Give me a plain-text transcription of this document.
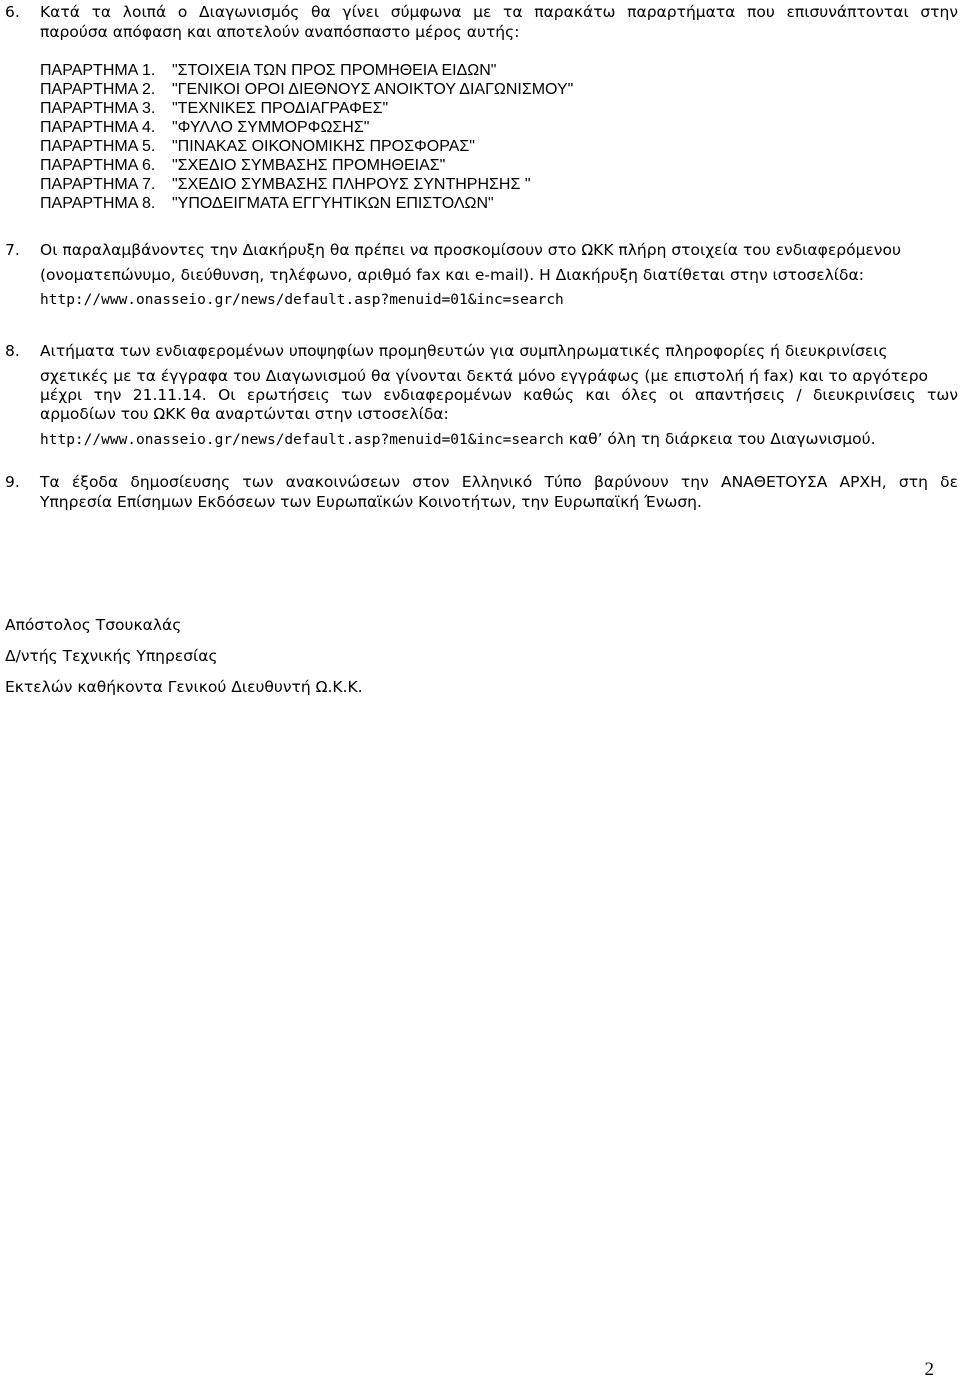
6. Κατά τα λοιπά ο Διαγωνισμός θα γίνει σύμφωνα με τα παρακάτω παραρτήματα που επισυνάπτονται στην
παρούσα απόφαση και αποτελούν αναπόσπαστο μέρος αυτής:
ΠΑΡΑΡΤΗΜΑ 1. "ΣΤΟΙΧΕΙΑ ΤΩΝ ΠΡΟΣ ΠΡΟΜΗΘΕΙΑ ΕΙΔΩΝ"
ΠΑΡΑΡΤΗΜΑ 2. "ΓΕΝΙΚΟΙ ΟΡΟΙ ΔΙΕΘΝΟΥΣ ΑΝΟΙΚΤΟΥ ΔΙΑΓΩΝΙΣΜΟΥ"
ΠΑΡΑΡΤΗΜΑ 3. "ΤΕΧΝΙΚΕΣ ΠΡΟΔΙΑΓΡΑΦΕΣ"
ΠΑΡΑΡΤΗΜΑ 4. "ΦΥΛΛΟ ΣΥΜΜΟΡΦΩΣΗΣ"
ΠΑΡΑΡΤΗΜΑ 5. "ΠΙΝΑΚΑΣ ΟΙΚΟΝΟΜΙΚΗΣ ΠΡΟΣΦΟΡΑΣ"
ΠΑΡΑΡΤΗΜΑ 6. "ΣΧΕΔΙΟ ΣΥΜΒΑΣΗΣ ΠΡΟΜΗΘΕΙΑΣ"
ΠΑΡΑΡΤΗΜΑ 7. "ΣΧΕΔΙΟ ΣΥΜΒΑΣΗΣ ΠΛΗΡΟΥΣ ΣΥΝΤΗΡΗΣΗΣ "
ΠΑΡΑΡΤΗΜΑ 8. "ΥΠΟΔΕΙΓΜΑΤΑ ΕΓΓΥΗΤΙΚΩΝ ΕΠΙΣΤΟΛΩΝ"
7. Οι παραλαμβάνοντες την Διακήρυξη θα πρέπει να προσκομίσουν στο ΩΚΚ πλήρη στοιχεία του ενδιαφερόμενου
(ονοματεπώνυμο, διεύθυνση, τηλέφωνο, αριθμό fax και e-mail). Η Διακήρυξη διατίθεται στην ιστοσελίδα:
http://www.onasseio.gr/news/default.asp?menuid=01&inc=search
8. Αιτήματα των ενδιαφερομένων υποψηφίων προμηθευτών για συμπληρωματικές πληροφορίες ή διευκρινίσεις
σχετικές με τα έγγραφα του Διαγωνισμού θα γίνονται δεκτά μόνο εγγράφως (με επιστολή ή fax) και το αργότερο
μέχρι την 21.11.14. Οι ερωτήσεις των ενδιαφερομένων καθώς και όλες οι απαντήσεις / διευκρινίσεις των
αρμοδίων του ΩΚΚ θα αναρτώνται στην ιστοσελίδα:
http://www.onasseio.gr/news/default.asp?menuid=01&inc=search καθ’ όλη τη διάρκεια του Διαγωνισμού.
9. Τα έξοδα δημοσίευσης των ανακοινώσεων στον Ελληνικό Τύπο βαρύνουν την ΑΝΑΘΕΤΟΥΣΑ ΑΡΧΗ, στη δε
Υπηρεσία Επίσημων Εκδόσεων των Ευρωπαϊκών Κοινοτήτων, την Ευρωπαϊκή Ένωση.
Απόστολος Τσουκαλάς
Δ/ντής Τεχνικής Υπηρεσίας
Εκτελών καθήκοντα Γενικού Διευθυντή Ω.Κ.Κ.
2
